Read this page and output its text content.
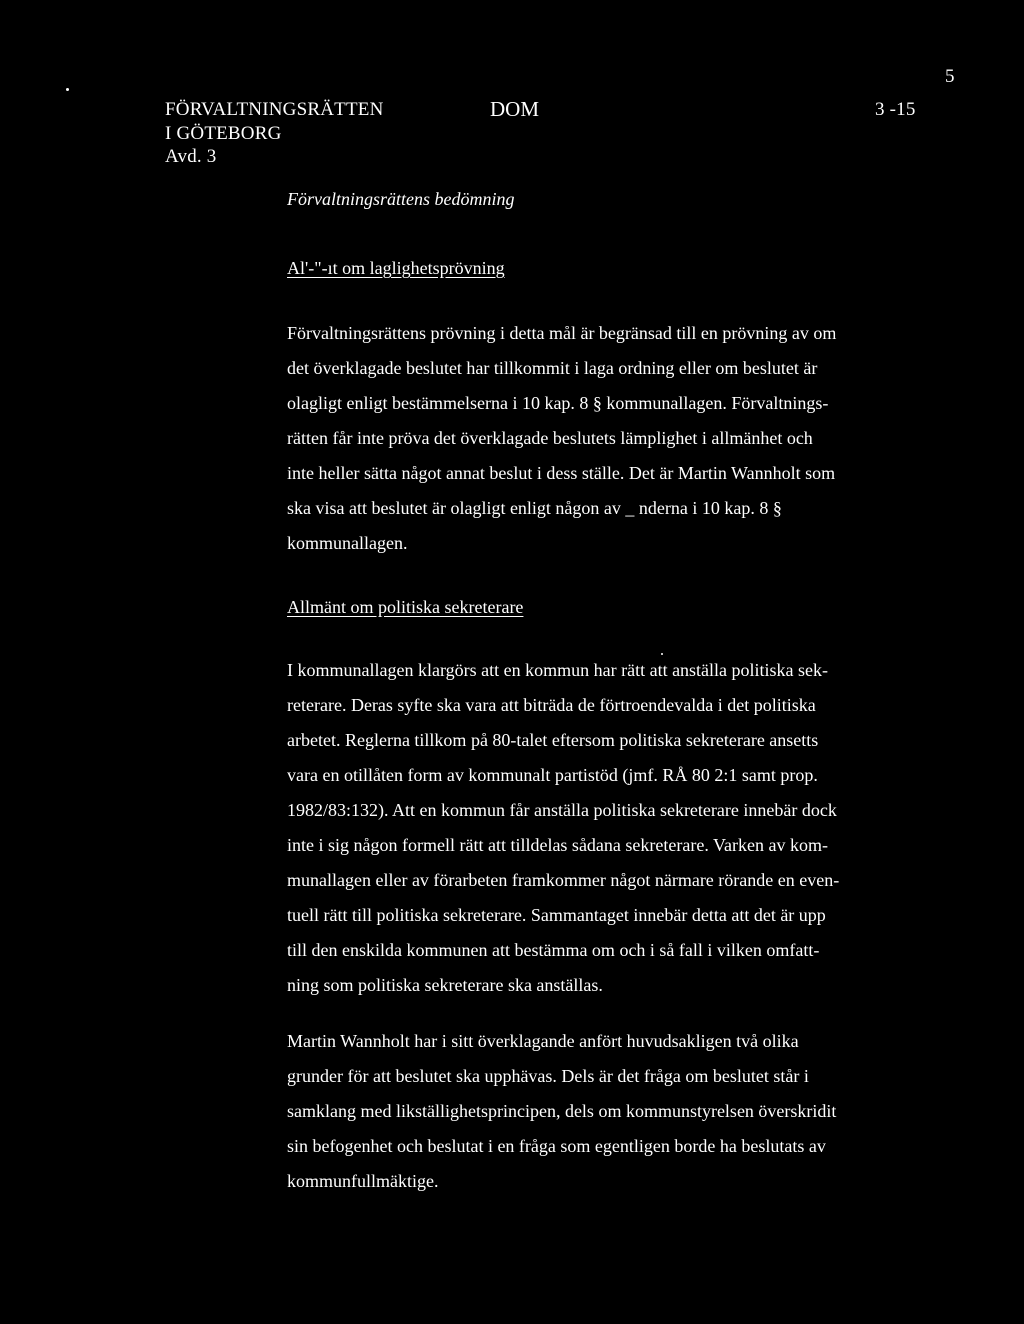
5
FÖRVALTNINGSRÄTTEN
I GÖTEBORG
Avd. 3
DOM	3 -15
Förvaltningsrättens bedömning
Al'-"-ıt om laglighetsprövning
Förvaltningsrättens prövning i detta mål är begränsad till en prövning av om
det överklagade beslutet har tillkommit i laga ordning eller om beslutet är
olagligt enligt bestämmelserna i 10 kap. 8 § kommunallagen. Förvaltnings-
rätten får inte pröva det överklagade beslutets lämplighet i allmänhet och
inte heller sätta något annat beslut i dess ställe. Det är Martin Wannholt som
ska visa att beslutet är olagligt enligt någon av _ nderna i 10 kap. 8 §
kommunallagen.
Allmänt om politiska sekreterare
I kommunallagen klargörs att en kommun har rätt att anställa politiska sek-
reterare. Deras syfte ska vara att biträda de förtroendevalda i det politiska
arbetet. Reglerna tillkom på 80-talet eftersom politiska sekreterare ansetts
vara en otillåten form av kommunalt partistöd (jmf. RÅ 80 2:1 samt prop.
1982/83:132). Att en kommun får anställa politiska sekreterare innebär dock
inte i sig någon formell rätt att tilldelas sådana sekreterare. Varken av kom-
munallagen eller av förarbeten framkommer något närmare rörande en even-
tuell rätt till politiska sekreterare. Sammantaget innebär detta att det är upp
till den enskilda kommunen att bestämma om och i så fall i vilken omfatt-
ning som politiska sekreterare ska anställas.
Martin Wannholt har i sitt överklagande anfört huvudsakligen två olika
grunder för att beslutet ska upphävas. Dels är det fråga om beslutet står i
samklang med likställighetsprincipen, dels om kommunstyrelsen överskridit
sin befogenhet och beslutat i en fråga som egentligen borde ha beslutats av
kommunfullmäktige.
